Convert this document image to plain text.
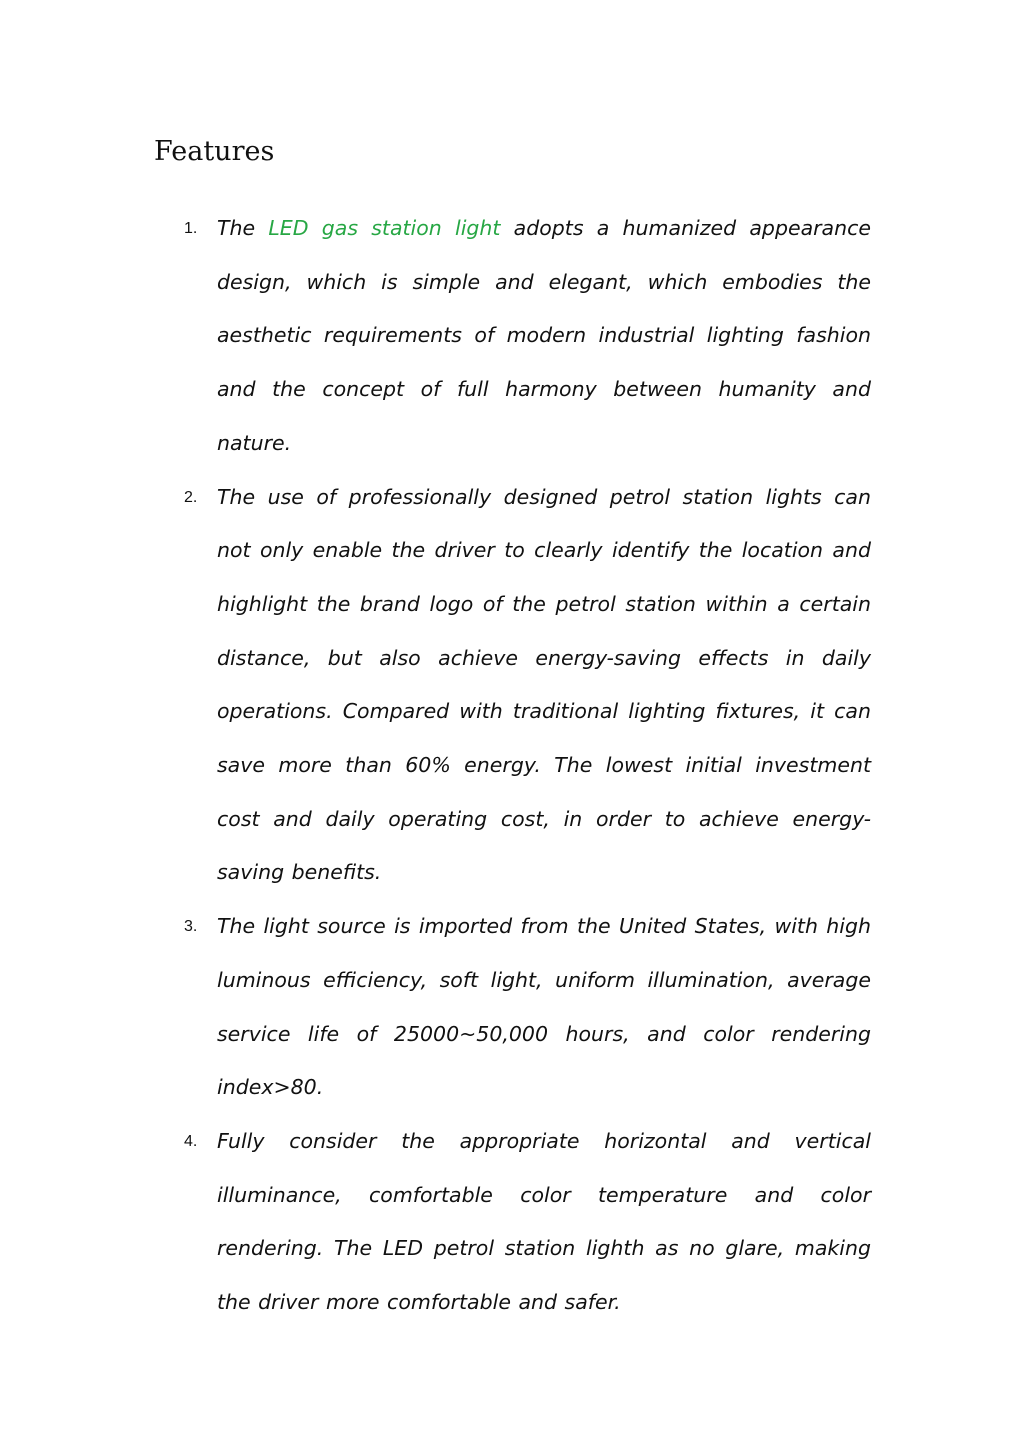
Features
1. The LED gas station light adopts a humanized appearance design, which is simple and elegant, which embodies the aesthetic requirements of modern industrial lighting fashion and the concept of full harmony between humanity and nature.

2. The use of professionally designed petrol station lights can not only enable the driver to clearly identify the location and highlight the brand logo of the petrol station within a certain distance, but also achieve energy-saving effects in daily operations. Compared with traditional lighting fixtures, it can save more than 60% energy. The lowest initial investment cost and daily operating cost, in order to achieve energy-saving benefits.

3. The light source is imported from the United States, with high luminous efficiency, soft light, uniform illumination, average service life of 25000~50,000 hours, and color rendering index>80.

4. Fully consider the appropriate horizontal and vertical illuminance, comfortable color temperature and color rendering. The LED petrol station lighth as no glare, making the driver more comfortable and safer.
